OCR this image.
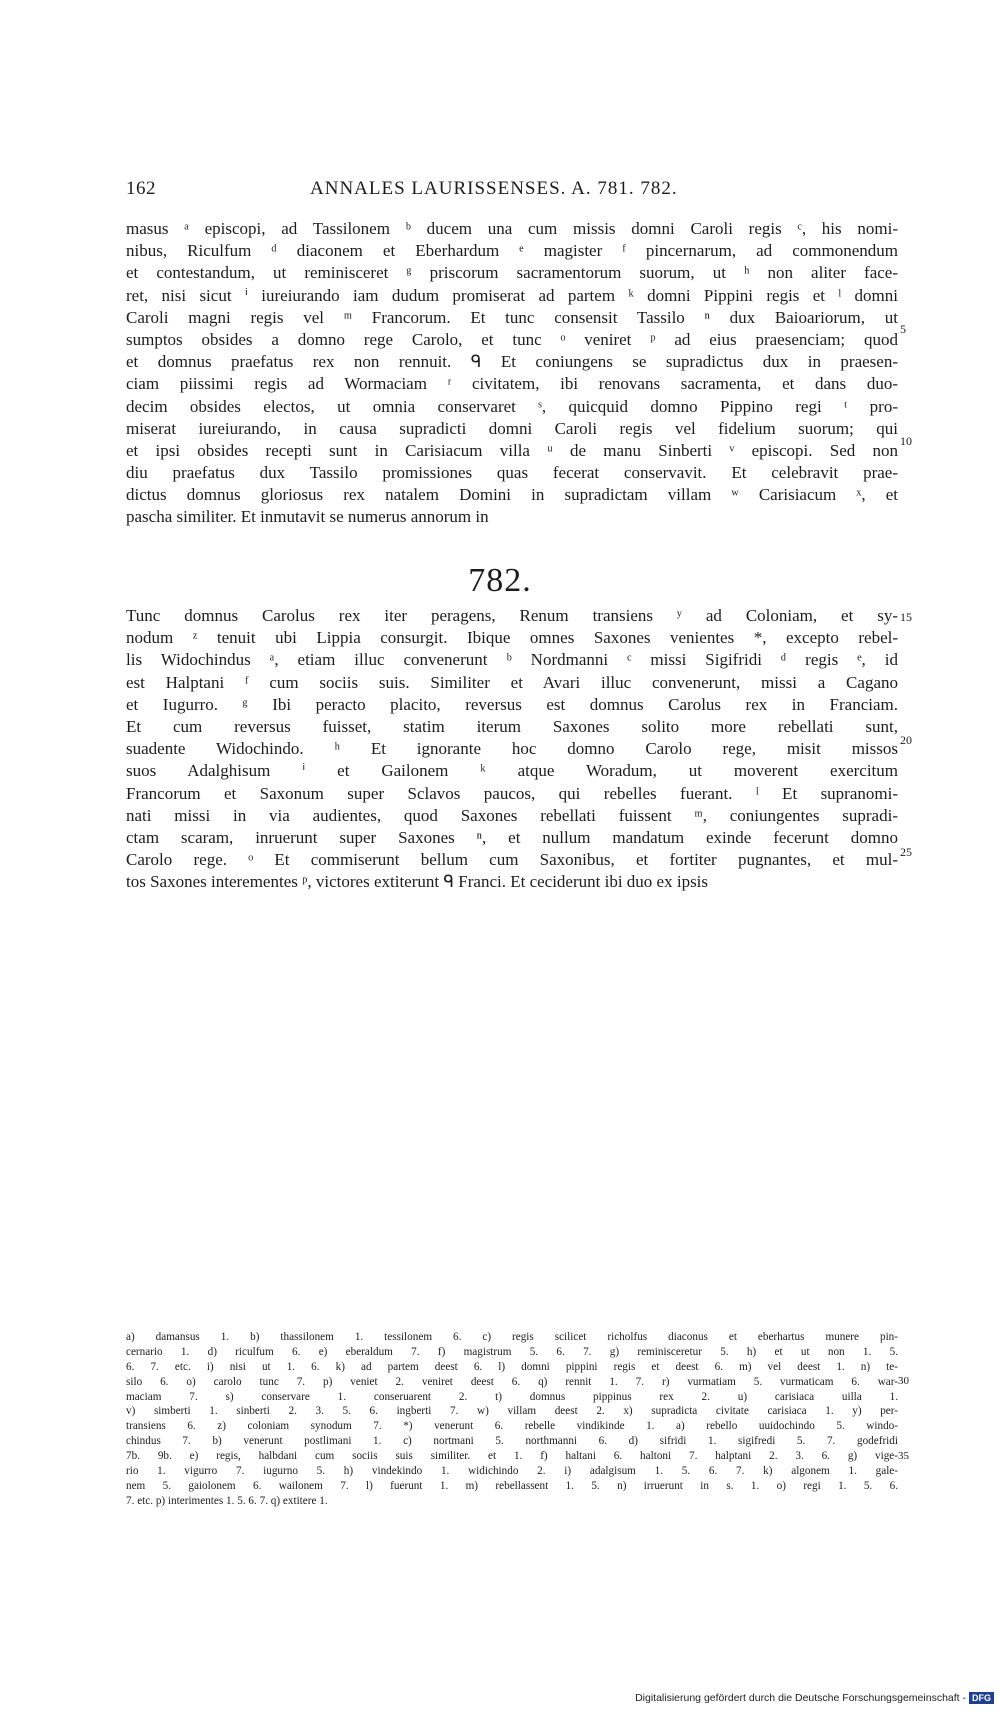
162	ANNALES LAURISSENSES. A. 781. 782.
masus ᵃ episcopi, ad Tassilonem ᵇ ducem una cum missis domni Caroli regis ᶜ, his nomi-
nibus, Riculfum ᵈ diaconem et Eberhardum ᵉ magister ᶠ pincernarum, ad commonendum
et contestandum, ut reminisceret ᵍ priscorum sacramentorum suorum, ut ʰ non aliter face-
ret, nisi sicut ⁱ iureiurando iam dudum promiserat ad partem ᵏ domni Pippini regis et ˡ domni
Caroli magni regis vel ᵐ Francorum. Et tunc consensit Tassilo ⁿ dux Baioariorum, ut
sumptos obsides a domno rege Carolo, et tunc ᵒ veniret ᵖ ad eius praesenciam; quod
et domnus praefatus rex non rennuit. ᑫ Et coniungens se supradictus dux in praesen-
ciam piissimi regis ad Wormaciam ʳ civitatem, ibi renovans sacramenta, et dans duo-
decim obsides electos, ut omnia conservaret ˢ, quicquid domno Pippino regi ᵗ pro-
miserat iureiurando, in causa supradicti domni Caroli regis vel fidelium suorum; qui
et ipsi obsides recepti sunt in Carisiacum villa ᵘ de manu Sinberti ᵛ episcopi. Sed non
diu praefatus dux Tassilo promissiones quas fecerat conservavit. Et celebravit prae-
dictus domnus gloriosus rex natalem Domini in supradictam villam ʷ Carisiacum ˣ, et
pascha similiter. Et inmutavit se numerus annorum in
5
10
782.
Tunc domnus Carolus rex iter peragens, Renum transiens ʸ ad Coloniam, et sy-
nodum ᶻ tenuit ubi Lippia consurgit. Ibique omnes Saxones venientes *, excepto rebel-
lis Widochindus ᵃ, etiam illuc convenerunt ᵇ Nordmanni ᶜ missi Sigifridi ᵈ regis ᵉ, id
est Halptani ᶠ cum sociis suis. Similiter et Avari illuc convenerunt, missi a Cagano
et Iugurro. ᵍ Ibi peracto placito, reversus est domnus Carolus rex in Franciam.
Et cum reversus fuisset, statim iterum Saxones solito more rebellati sunt,
suadente Widochindo. ʰ Et ignorante hoc domno Carolo rege, misit missos
suos Adalghisum ⁱ et Gailonem ᵏ atque Woradum, ut moverent exercitum
Francorum et Saxonum super Sclavos paucos, qui rebelles fuerant. ˡ Et supranomi-
nati missi in via audientes, quod Saxones rebellati fuissent ᵐ, coniungentes supradi-
ctam scaram, inruerunt super Saxones ⁿ, et nullum mandatum exinde fecerunt domno
Carolo rege. ᵒ Et commiserunt bellum cum Saxonibus, et fortiter pugnantes, et mul-
tos Saxones interementes ᵖ, victores extiterunt ᑫ Franci. Et ceciderunt ibi duo ex ipsis
15
20
25
a) damansus 1. b) thassilonem 1. tessilonem 6. c) regis scilicet richolfus diaconus et eberhartus munere pin-
cernario 1. d) riculfum 6. e) eberaldum 7. f) magistrum 5. 6. 7. g) reminisceretur 5. h) et ut non 1. 5.
6. 7. etc. i) nisi ut 1. 6. k) ad partem deest 6. l) domni pippini regis et deest 6. m) vel deest 1. n) te-
silo 6. o) carolo tunc 7. p) veniet 2. veniret deest 6. q) rennit 1. 7. r) vurmatiam 5. vurmaticam 6. war-
maciam 7. s) conservare 1. conseruarent 2. t) domnus pippinus rex 2. u) carisiaca uilla 1.
v) simberti 1. sinberti 2. 3. 5. 6. ingberti 7. w) villam deest 2. x) supradicta civitate carisiaca 1. y) per-
transiens 6. z) coloniam synodum 7. *) venerunt 6. rebelle vindikinde 1. a) rebello uuidochindo 5. windo-
chindus 7. b) venerunt postlimani 1. c) nortmani 5. northmanni 6. d) sifridi 1. sigifredi 5. 7. godefridi
7b. 9b. e) regis, halbdani cum sociis suis similiter. et 1. f) haltani 6. haltoni 7. halptani 2. 3. 6. g) vige-
rio 1. vigurro 7. iugurno 5. h) vindekindo 1. widichindo 2. i) adalgisum 1. 5. 6. 7. k) algonem 1. gale-
nem 5. gaiolonem 6. wailonem 7. l) fuerunt 1. m) rebellassent 1. 5. n) irruerunt in s. 1. o) regi 1. 5. 6.
7. etc. p) interimentes 1. 5. 6. 7. q) extitere 1.
30
35
Digitalisierung gefördert durch die Deutsche Forschungsgemeinschaft - DFG
